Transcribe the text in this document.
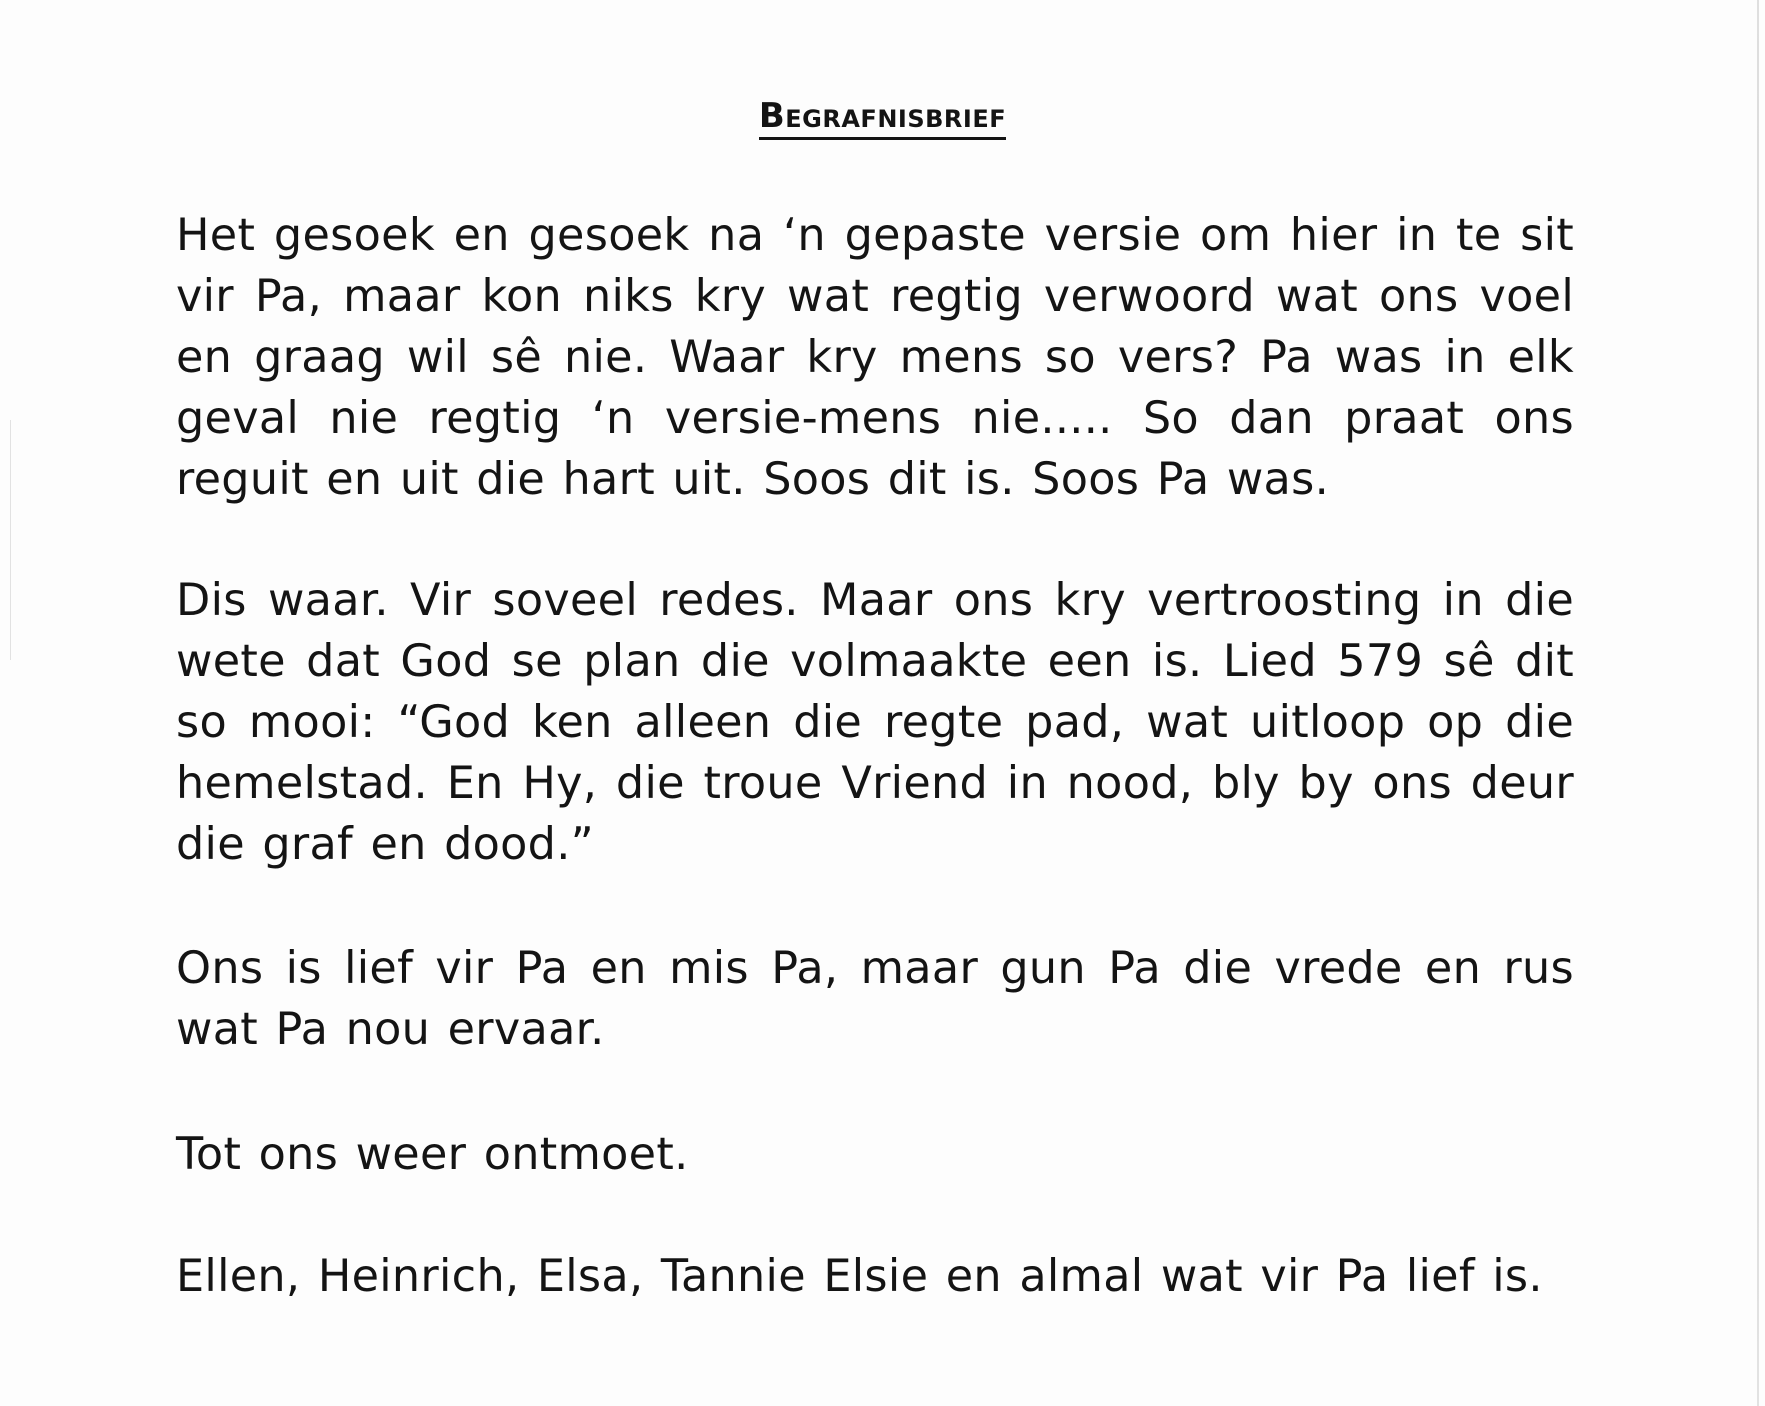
Begrafnisbrief

Het gesoek en gesoek na ‘n gepaste versie om hier in te sit vir Pa, maar kon niks kry wat regtig verwoord wat ons voel en graag wil sê nie. Waar kry mens so vers? Pa was in elk geval nie regtig ‘n versie-mens nie..... So dan praat ons reguit en uit die hart uit. Soos dit is. Soos Pa was.

Dis waar. Vir soveel redes. Maar ons kry vertroosting in die wete dat God se plan die volmaakte een is. Lied 579 sê dit so mooi: “God ken alleen die regte pad, wat uitloop op die hemelstad. En Hy, die troue Vriend in nood, bly by ons deur die graf en dood.”

Ons is lief vir Pa en mis Pa, maar gun Pa die vrede en rus wat Pa nou ervaar.

Tot ons weer ontmoet.

Ellen, Heinrich, Elsa, Tannie Elsie en almal wat vir Pa lief is.
